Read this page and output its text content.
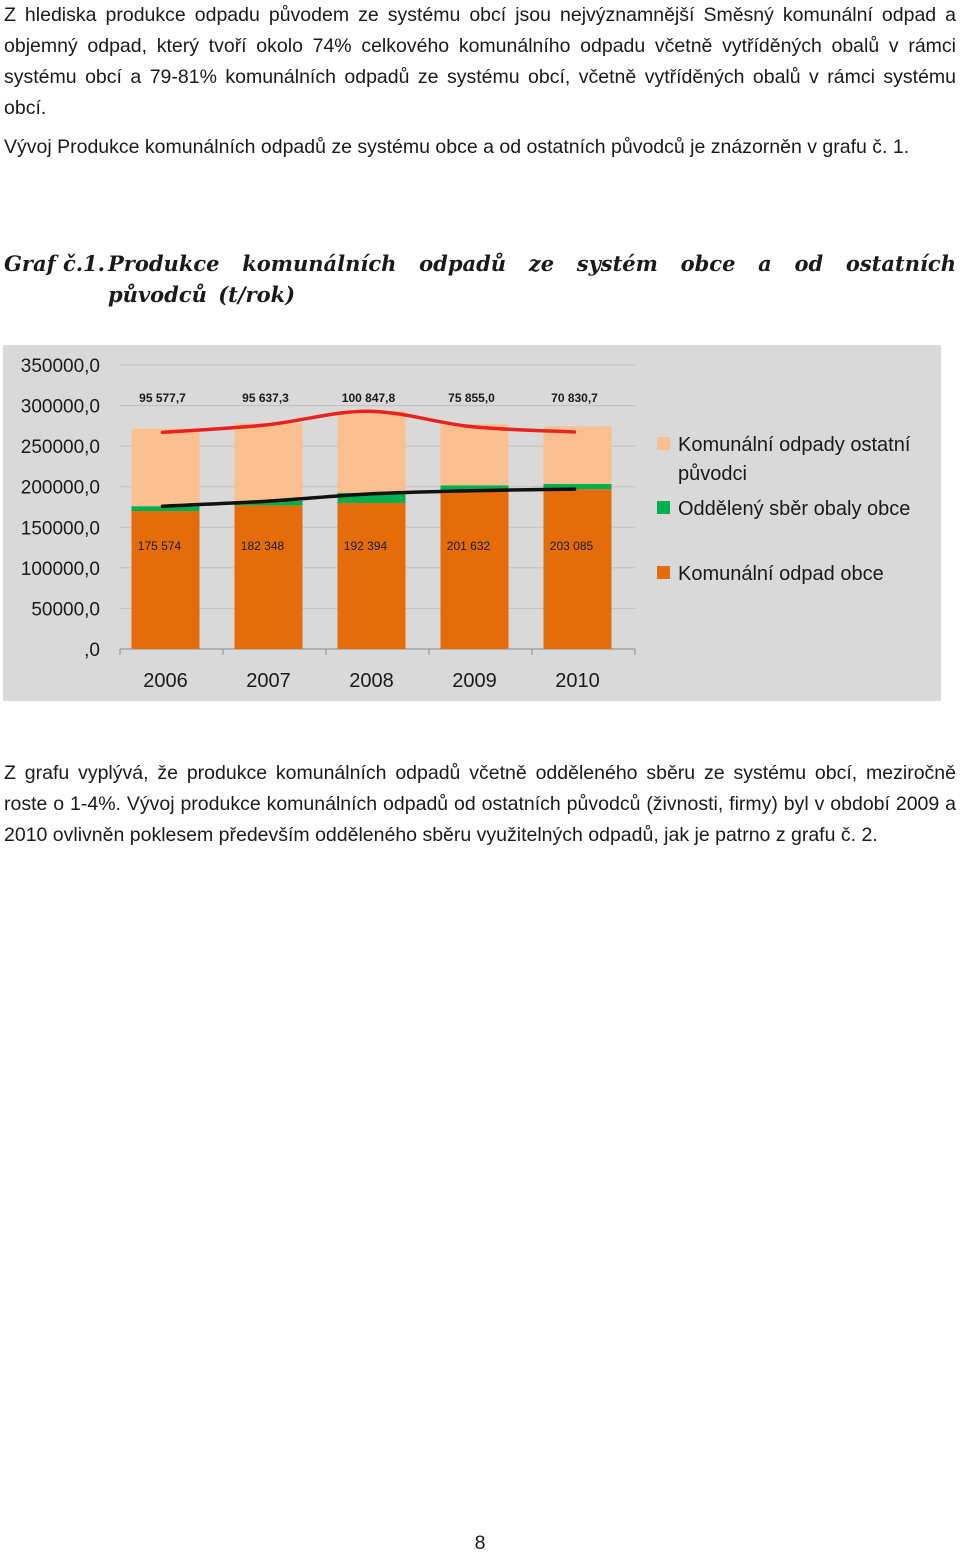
Z hlediska produkce odpadu původem ze systému obcí jsou nejvýznamnější Směsný komunální odpad a objemný odpad, který tvoří okolo 74% celkového komunálního odpadu včetně vytříděných obalů v rámci systému obcí a 79-81% komunálních odpadů ze systému obcí, včetně vytříděných obalů v rámci systému obcí.

Vývoj Produkce komunálních odpadů ze systému obce a od ostatních původců je znázorněn v grafu č. 1.

Graf č.1. Produkce komunálních odpadů ze systém obce a od ostatních původců (t/rok)
,0
50000,0
100000,0
150000,0
200000,0
250000,0
300000,0
350000,0
2006	2007	2008	2009	2010
95 577,7	95 637,3	100 847,8	75 855,0	70 830,7
175 574	182 348	192 394	201 632	203 085
Komunální odpady ostatní
původci
Oddělený sběr obaly obce
Komunální odpad obce

Z grafu vyplývá, že produkce komunálních odpadů včetně odděleného sběru ze systému obcí, meziročně roste o 1-4%. Vývoj produkce komunálních odpadů od ostatních původců (živnosti, firmy) byl v období 2009 a 2010 ovlivněn poklesem především odděleného sběru využitelných odpadů, jak je patrno z grafu č. 2.

8
